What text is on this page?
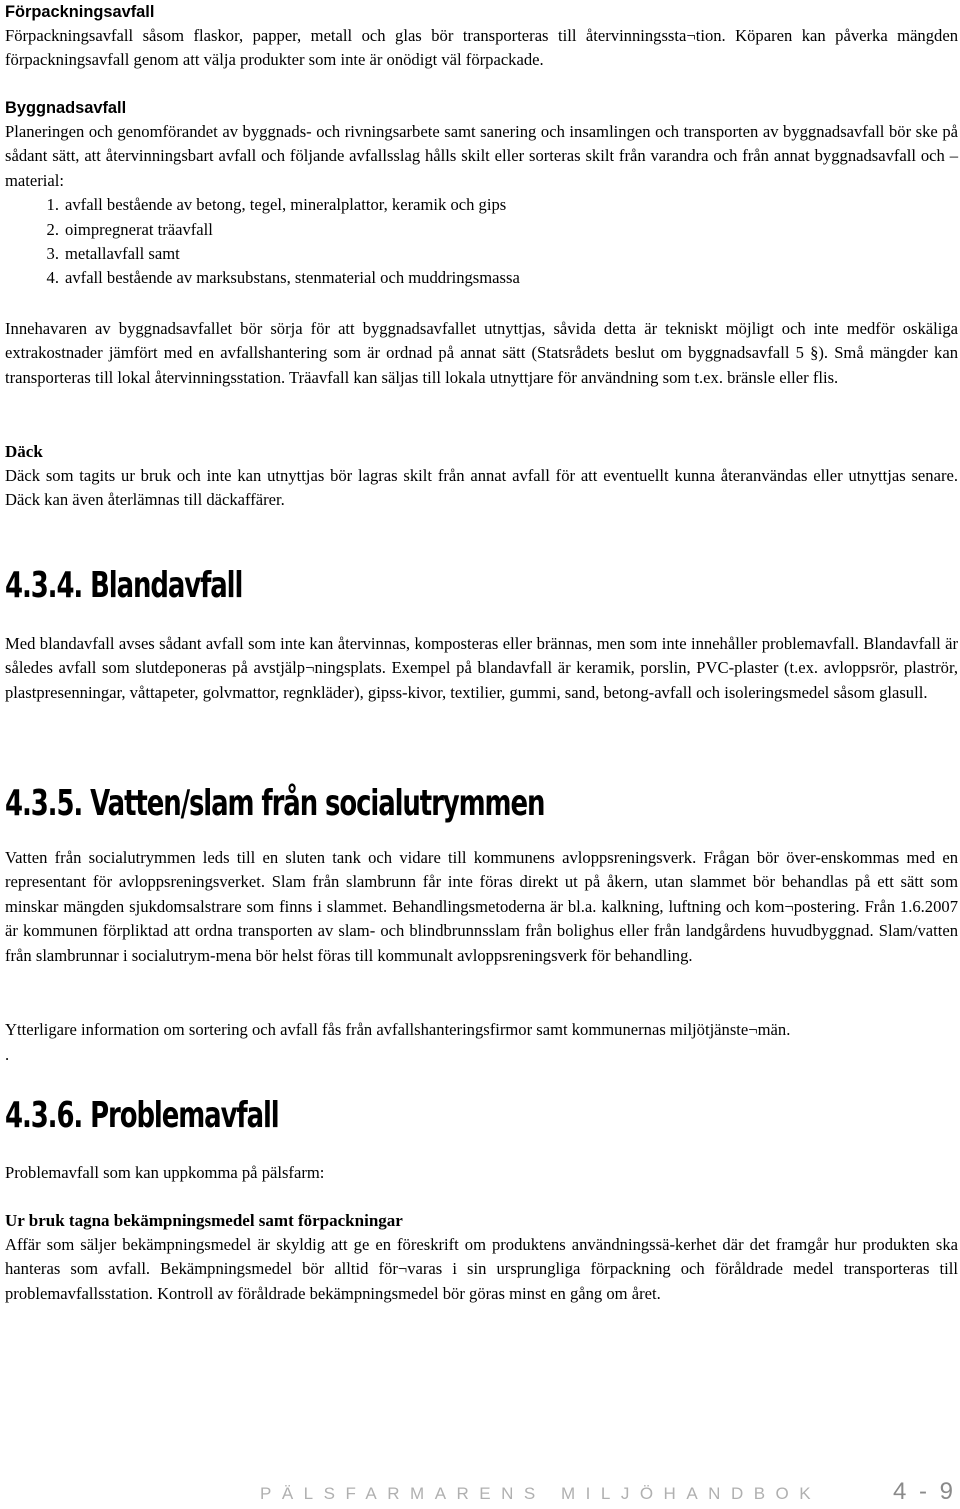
Förpackningsavfall

Förpackningsavfall såsom flaskor, papper, metall och glas bör transporteras till återvinningssta¬tion. Köparen kan påverka mängden förpackningsavfall genom att välja produkter som inte är onödigt väl förpackade.

Byggnadsavfall

Planeringen och genomförandet av byggnads- och rivningsarbete samt sanering och insamlingen och transporten av byggnadsavfall bör ske på sådant sätt, att återvinningsbart avfall och följande avfallsslag hålls skilt eller sorteras skilt från varandra och från annat byggnadsavfall och –material:

1. avfall bestående av betong, tegel, mineralplattor, keramik och gips
2. oimpregnerat träavfall
3. metallavfall samt
4. avfall bestående av marksubstans, stenmaterial och muddringsmassa

Innehavaren av byggnadsavfallet bör sörja för att byggnadsavfallet utnyttjas, såvida detta är tekniskt möjligt och inte medför oskäliga extrakostnader jämfört med en avfallshantering som är ordnad på annat sätt (Statsrådets beslut om byggnadsavfall 5 §). Små mängder kan transporteras till lokal återvinningsstation. Träavfall kan säljas till lokala utnyttjare för användning som t.ex. bränsle eller flis.

Däck

Däck som tagits ur bruk och inte kan utnyttjas bör lagras skilt från annat avfall för att eventuellt kunna återanvändas eller utnyttjas senare. Däck kan även återlämnas till däckaffärer.

4.3.4. Blandavfall

Med blandavfall avses sådant avfall som inte kan återvinnas, komposteras eller brännas, men som inte innehåller problemavfall. Blandavfall är således avfall som slutdeponeras på avstjälp¬ningsplats. Exempel på blandavfall är keramik, porslin, PVC-plaster (t.ex. avloppsrör, plaströr, plastpresenningar, våttapeter, golvmattor, regnkläder), gipss-kivor, textilier, gummi, sand, betong-avfall och isoleringsmedel såsom glasull.

4.3.5. Vatten/slam från socialutrymmen

Vatten från socialutrymmen leds till en sluten tank och vidare till kommunens avloppsreningsverk. Frågan bör över-enskommas med en representant för avloppsreningsverket. Slam från slambrunn får inte föras direkt ut på åkern, utan slammet bör behandlas på ett sätt som minskar mängden sjukdomsalstrare som finns i slammet. Behandlingsmetoderna är bl.a. kalkning, luftning och kom¬postering. Från 1.6.2007 är kommunen förpliktad att ordna transporten av slam- och blindbrunnsslam från bolighus eller från landgårdens huvudbyggnad. Slam/vatten från slambrunnar i socialutrym-mena bör helst föras till kommunalt avloppsreningsverk för behandling.

Ytterligare information om sortering och avfall fås från avfallshanteringsfirmor samt kommunernas miljötjänste¬män.

.

4.3.6. Problemavfall

Problemavfall som kan uppkomma på pälsfarm:

Ur bruk tagna bekämpningsmedel samt förpackningar

Affär som säljer bekämpningsmedel är skyldig att ge en föreskrift om produktens användningssä-kerhet där det framgår hur produkten ska hanteras som avfall. Bekämpningsmedel bör alltid för¬varas i sin ursprungliga förpackning och föråldrade medel transporteras till problemavfallsstation. Kontroll av föråldrade bekämpningsmedel bör göras minst en gång om året.

PÄLSFARMARENS MILJÖHANDBOK	4 - 9
